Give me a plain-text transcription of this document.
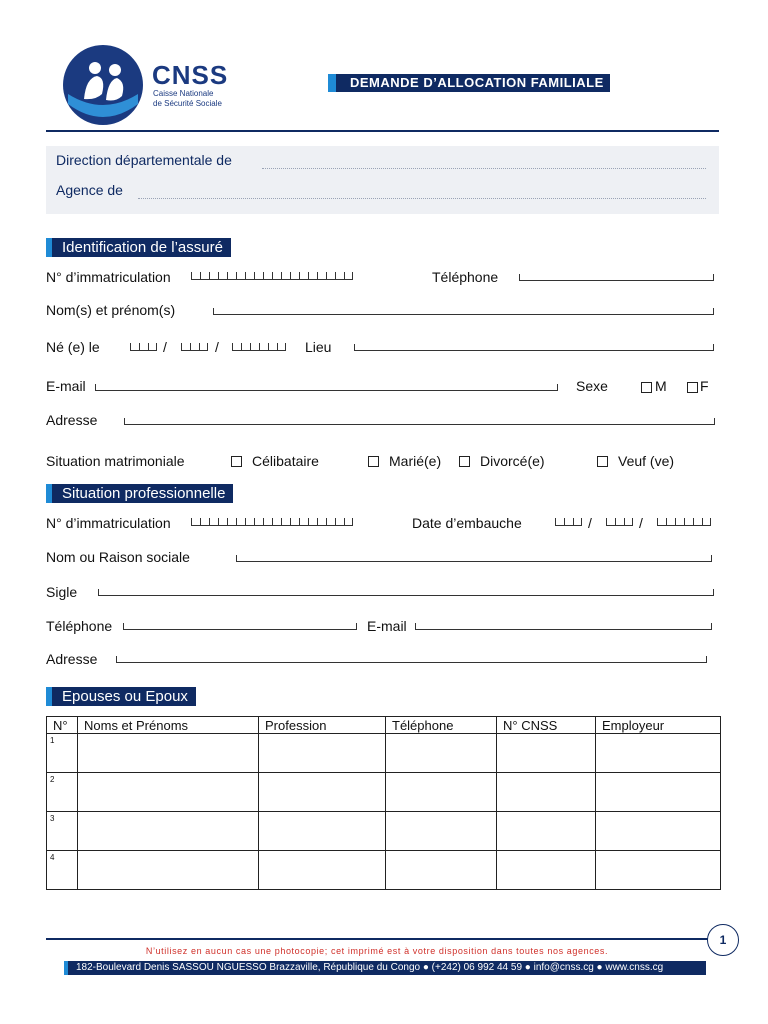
CNSS
Caisse Nationale
de Sécurité Sociale
DEMANDE D’ALLOCATION FAMILIALE
Direction départementale de
Agence de
Identification de l’assuré
N° d’immatriculation	Téléphone
Nom(s) et prénom(s)
Né (e) le	/	/	Lieu
E-mail	Sexe	M F
Adresse
Situation matrimoniale	Célibataire	Marié(e)	Divorcé(e)	Veuf (ve)
Situation professionnelle
N° d’immatriculation	Date d’embauche	/	/
Nom ou Raison sociale
Sigle
Téléphone	E-mail
Adresse
Epouses ou Epoux
N°	Noms et Prénoms	Profession	Téléphone	N° CNSS	Employeur
1					
2					
3					
4					
1
N’utilisez en aucun cas une photocopie; cet imprimé est à votre disposition dans toutes nos agences.
182-Boulevard Denis SASSOU NGUESSO Brazzaville, République du Congo ● (+242) 06 992 44 59 ● info@cnss.cg ● www.cnss.cg
